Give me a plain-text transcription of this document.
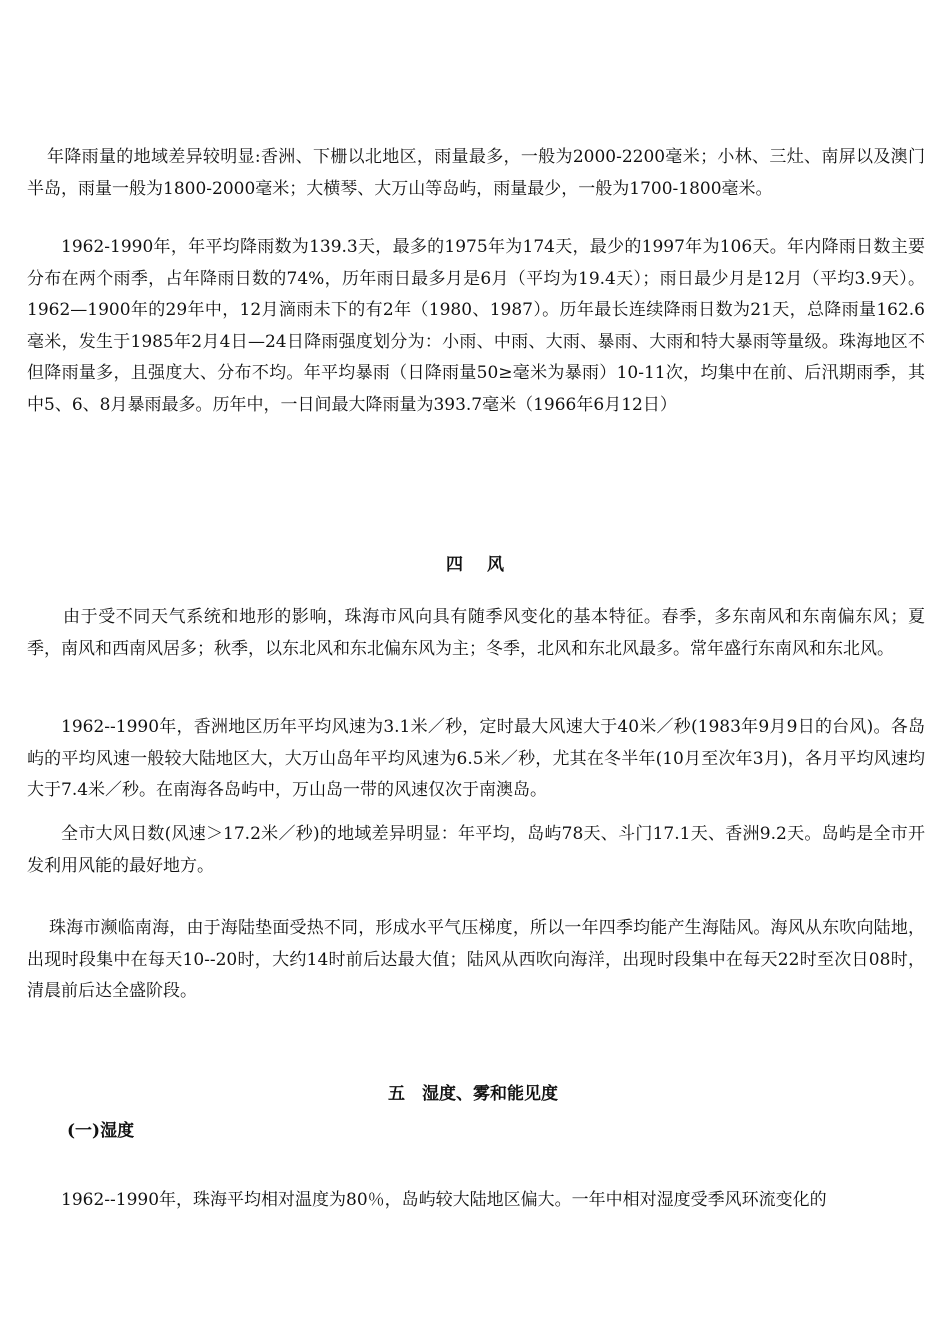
年降雨量的地域差异较明显:香洲、下栅以北地区，雨量最多，一般为2000-2200毫米；小林、三灶、南屏以及澳门半岛，雨量一般为1800-2000毫米；大横琴、大万山等岛屿，雨量最少，一般为1700-1800毫米。

1962-1990年，年平均降雨数为139.3天，最多的1975年为174天，最少的1997年为106天。年内降雨日数主要分布在两个雨季，占年降雨日数的74%，历年雨日最多月是6月（平均为19.4天）；雨日最少月是12月（平均3.9天）。1962—1900年的29年中，12月滴雨未下的有2年（1980、1987）。历年最长连续降雨日数为21天，总降雨量162.6毫米，发生于1985年2月4日—24日降雨强度划分为：小雨、中雨、大雨、暴雨、大雨和特大暴雨等量级。珠海地区不但降雨量多，且强度大、分布不均。年平均暴雨（日降雨量50≥毫米为暴雨）10-11次，均集中在前、后汛期雨季，其中5、6、8月暴雨最多。历年中，一日间最大降雨量为393.7毫米（1966年6月12日）

四 风

由于受不同天气系统和地形的影响，珠海市风向具有随季风变化的基本特征。春季，多东南风和东南偏东风；夏季，南风和西南风居多；秋季，以东北风和东北偏东风为主；冬季，北风和东北风最多。常年盛行东南风和东北风。

1962--1990年，香洲地区历年平均风速为3.1米／秒，定时最大风速大于40米／秒(1983年9月9日的台风)。各岛屿的平均风速一般较大陆地区大，大万山岛年平均风速为6.5米／秒，尤其在冬半年(10月至次年3月)，各月平均风速均大于7.4米／秒。在南海各岛屿中，万山岛一带的风速仅次于南澳岛。

全市大风日数(风速＞17.2米／秒)的地域差异明显：年平均，岛屿78天、斗门17.1天、香洲9.2天。岛屿是全市开发利用风能的最好地方。

珠海市濒临南海，由于海陆垫面受热不同，形成水平气压梯度，所以一年四季均能产生海陆风。海风从东吹向陆地，出现时段集中在每天10--20时，大约14时前后达最大值；陆风从西吹向海洋，出现时段集中在每天22时至次日08时，清晨前后达全盛阶段。

五　湿度、雾和能见度
(一)湿度

1962--1990年，珠海平均相对温度为80％，岛屿较大陆地区偏大。一年中相对湿度受季风环流变化的
